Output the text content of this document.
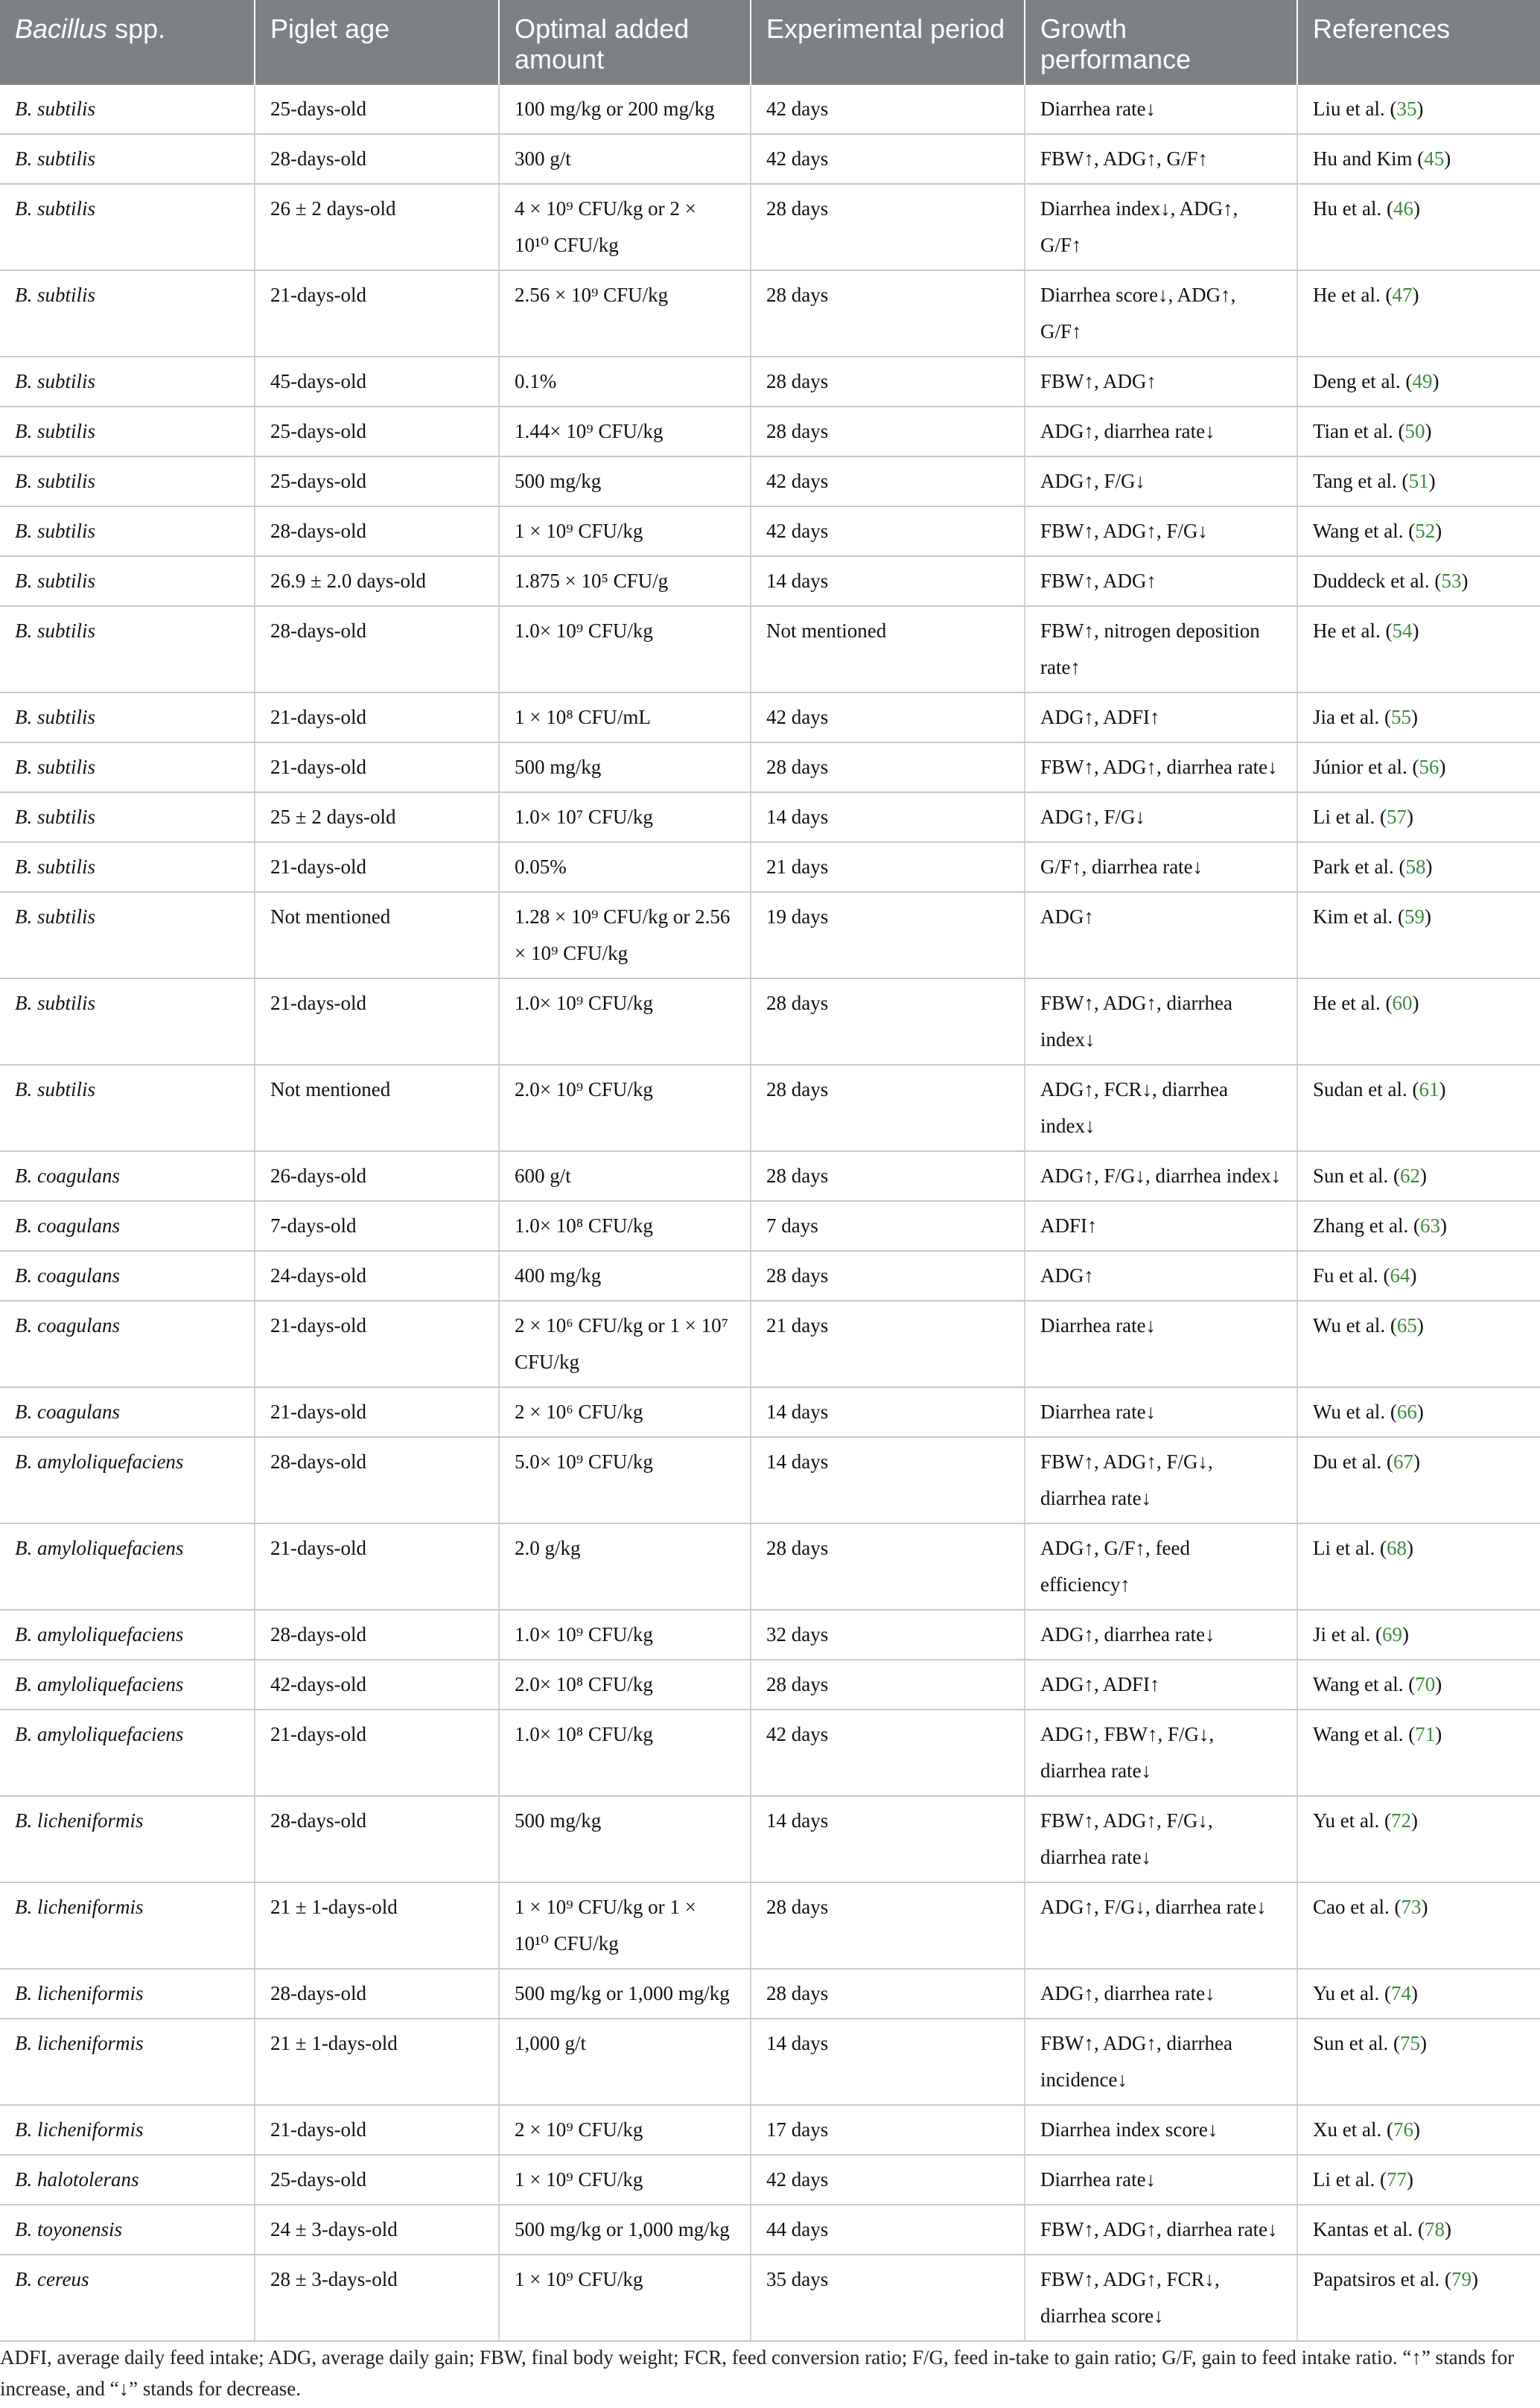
Bacillus spp.	Piglet age	Optimal added amount	Experimental period	Growth performance	References
B. subtilis	25-days-old	100 mg/kg or 200 mg/kg	42 days	Diarrhea rate↓	Liu et al. (35)
B. subtilis	28-days-old	300 g/t	42 days	FBW↑, ADG↑, G/F↑	Hu and Kim (45)
B. subtilis	26 ± 2 days-old	4 × 10⁹ CFU/kg or 2 × 10¹⁰ CFU/kg	28 days	Diarrhea index↓, ADG↑, G/F↑	Hu et al. (46)
B. subtilis	21-days-old	2.56 × 10⁹ CFU/kg	28 days	Diarrhea score↓, ADG↑, G/F↑	He et al. (47)
B. subtilis	45-days-old	0.1%	28 days	FBW↑, ADG↑	Deng et al. (49)
B. subtilis	25-days-old	1.44× 10⁹ CFU/kg	28 days	ADG↑, diarrhea rate↓	Tian et al. (50)
B. subtilis	25-days-old	500 mg/kg	42 days	ADG↑, F/G↓	Tang et al. (51)
B. subtilis	28-days-old	1 × 10⁹ CFU/kg	42 days	FBW↑, ADG↑, F/G↓	Wang et al. (52)
B. subtilis	26.9 ± 2.0 days-old	1.875 × 10⁵ CFU/g	14 days	FBW↑, ADG↑	Duddeck et al. (53)
B. subtilis	28-days-old	1.0× 10⁹ CFU/kg	Not mentioned	FBW↑, nitrogen deposition rate↑	He et al. (54)
B. subtilis	21-days-old	1 × 10⁸ CFU/mL	42 days	ADG↑, ADFI↑	Jia et al. (55)
B. subtilis	21-days-old	500 mg/kg	28 days	FBW↑, ADG↑, diarrhea rate↓	Júnior et al. (56)
B. subtilis	25 ± 2 days-old	1.0× 10⁷ CFU/kg	14 days	ADG↑, F/G↓	Li et al. (57)
B. subtilis	21-days-old	0.05%	21 days	G/F↑, diarrhea rate↓	Park et al. (58)
B. subtilis	Not mentioned	1.28 × 10⁹ CFU/kg or 2.56 × 10⁹ CFU/kg	19 days	ADG↑	Kim et al. (59)
B. subtilis	21-days-old	1.0× 10⁹ CFU/kg	28 days	FBW↑, ADG↑, diarrhea index↓	He et al. (60)
B. subtilis	Not mentioned	2.0× 10⁹ CFU/kg	28 days	ADG↑, FCR↓, diarrhea index↓	Sudan et al. (61)
B. coagulans	26-days-old	600 g/t	28 days	ADG↑, F/G↓, diarrhea index↓	Sun et al. (62)
B. coagulans	7-days-old	1.0× 10⁸ CFU/kg	7 days	ADFI↑	Zhang et al. (63)
B. coagulans	24-days-old	400 mg/kg	28 days	ADG↑	Fu et al. (64)
B. coagulans	21-days-old	2 × 10⁶ CFU/kg or 1 × 10⁷ CFU/kg	21 days	Diarrhea rate↓	Wu et al. (65)
B. coagulans	21-days-old	2 × 10⁶ CFU/kg	14 days	Diarrhea rate↓	Wu et al. (66)
B. amyloliquefaciens	28-days-old	5.0× 10⁹ CFU/kg	14 days	FBW↑, ADG↑, F/G↓, diarrhea rate↓	Du et al. (67)
B. amyloliquefaciens	21-days-old	2.0 g/kg	28 days	ADG↑, G/F↑, feed efficiency↑	Li et al. (68)
B. amyloliquefaciens	28-days-old	1.0× 10⁹ CFU/kg	32 days	ADG↑, diarrhea rate↓	Ji et al. (69)
B. amyloliquefaciens	42-days-old	2.0× 10⁸ CFU/kg	28 days	ADG↑, ADFI↑	Wang et al. (70)
B. amyloliquefaciens	21-days-old	1.0× 10⁸ CFU/kg	42 days	ADG↑, FBW↑, F/G↓, diarrhea rate↓	Wang et al. (71)
B. licheniformis	28-days-old	500 mg/kg	14 days	FBW↑, ADG↑, F/G↓, diarrhea rate↓	Yu et al. (72)
B. licheniformis	21 ± 1-days-old	1 × 10⁹ CFU/kg or 1 × 10¹⁰ CFU/kg	28 days	ADG↑, F/G↓, diarrhea rate↓	Cao et al. (73)
B. licheniformis	28-days-old	500 mg/kg or 1,000 mg/kg	28 days	ADG↑, diarrhea rate↓	Yu et al. (74)
B. licheniformis	21 ± 1-days-old	1,000 g/t	14 days	FBW↑, ADG↑, diarrhea incidence↓	Sun et al. (75)
B. licheniformis	21-days-old	2 × 10⁹ CFU/kg	17 days	Diarrhea index score↓	Xu et al. (76)
B. halotolerans	25-days-old	1 × 10⁹ CFU/kg	42 days	Diarrhea rate↓	Li et al. (77)
B. toyonensis	24 ± 3-days-old	500 mg/kg or 1,000 mg/kg	44 days	FBW↑, ADG↑, diarrhea rate↓	Kantas et al. (78)
B. cereus	28 ± 3-days-old	1 × 10⁹ CFU/kg	35 days	FBW↑, ADG↑, FCR↓, diarrhea score↓	Papatsiros et al. (79)
ADFI, average daily feed intake; ADG, average daily gain; FBW, final body weight; FCR, feed conversion ratio; F/G, feed in-take to gain ratio; G/F, gain to feed intake ratio. “↑” stands for increase, and “↓” stands for decrease.
